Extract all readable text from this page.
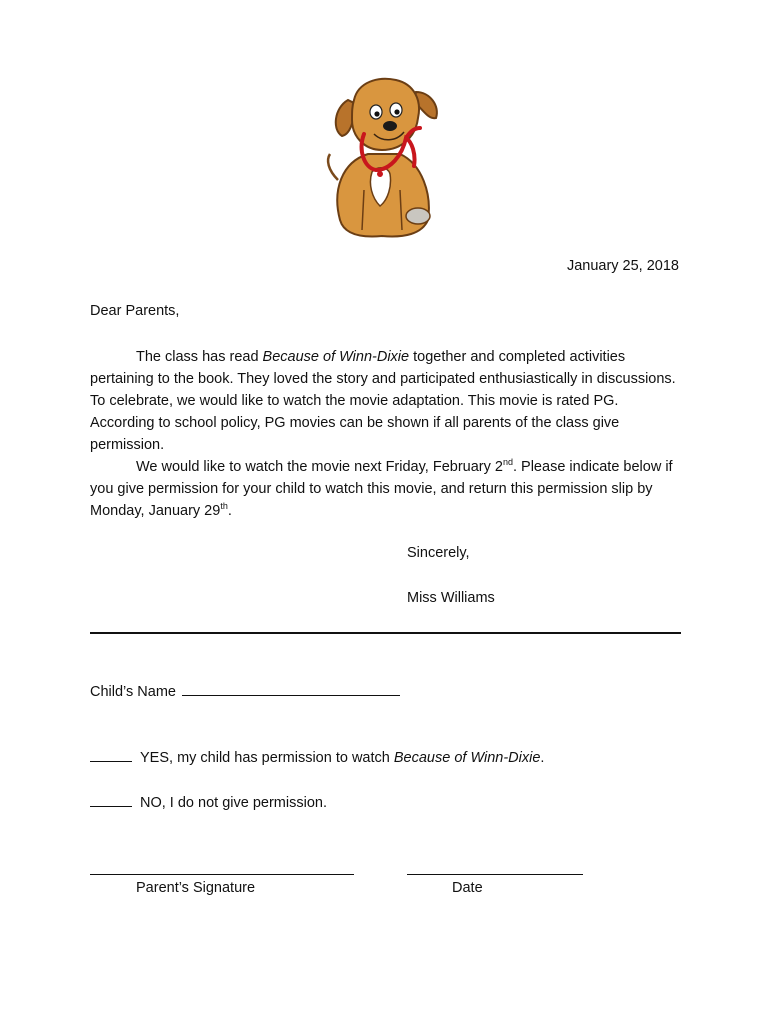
January 25, 2018
Dear Parents,

The class has read Because of Winn-Dixie together and completed activities pertaining to the book. They loved the story and participated enthusiastically in discussions. To celebrate, we would like to watch the movie adaptation. This movie is rated PG. According to school policy, PG movies can be shown if all parents of the class give permission.

We would like to watch the movie next Friday, February 2nd. Please indicate below if you give permission for your child to watch this movie, and return this permission slip by Monday, January 29th.

Sincerely,
Miss Williams
Child’s Name
YES, my child has permission to watch Because of Winn-Dixie.
NO, I do not give permission.
Parent’s Signature	Date
